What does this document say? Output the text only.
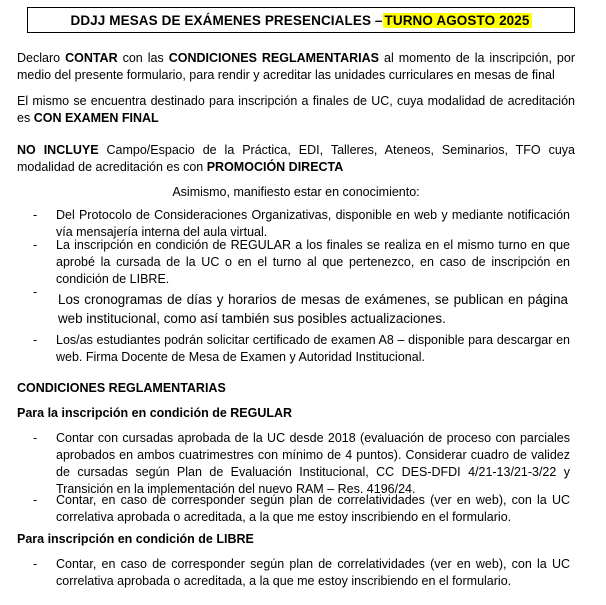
DDJJ MESAS DE EXÁMENES PRESENCIALES – TURNO AGOSTO 2025

Declaro CONTAR con las CONDICIONES REGLAMENTARIAS al momento de la inscripción, por medio del presente formulario, para rendir y acreditar las unidades curriculares en mesas de final

El mismo se encuentra destinado para inscripción a finales de UC, cuya modalidad de acreditación es CON EXAMEN FINAL

NO INCLUYE Campo/Espacio de la Práctica, EDI, Talleres, Ateneos, Seminarios, TFO cuya modalidad de acreditación es con PROMOCIÓN DIRECTA

Asimismo, manifiesto estar en conocimiento:

- Del Protocolo de Consideraciones Organizativas, disponible en web y mediante notificación vía mensajería interna del aula virtual.

- La inscripción en condición de REGULAR a los finales se realiza en el mismo turno en que aprobé la cursada de la UC o en el turno al que pertenezco, en caso de inscripción en condición de LIBRE.

- Los cronogramas de días y horarios de mesas de exámenes, se publican en página web institucional, como así también sus posibles actualizaciones.

- Los/as estudiantes podrán solicitar certificado de examen A8 – disponible para descargar en web. Firma Docente de Mesa de Examen y Autoridad Institucional.

CONDICIONES REGLAMENTARIAS

Para la inscripción en condición de REGULAR

- Contar con cursadas aprobada de la UC desde 2018 (evaluación de proceso con parciales aprobados en ambos cuatrimestres con mínimo de 4 puntos). Considerar cuadro de validez de cursadas según Plan de Evaluación Institucional, CC DES-DFDI 4/21-13/21-3/22 y Transición en la implementación del nuevo RAM – Res. 4196/24.

- Contar, en caso de corresponder según plan de correlatividades (ver en web), con la UC correlativa aprobada o acreditada, a la que me estoy inscribiendo en el formulario.

Para inscripción en condición de LIBRE

- Contar, en caso de corresponder según plan de correlatividades (ver en web), con la UC correlativa aprobada o acreditada, a la que me estoy inscribiendo en el formulario.
